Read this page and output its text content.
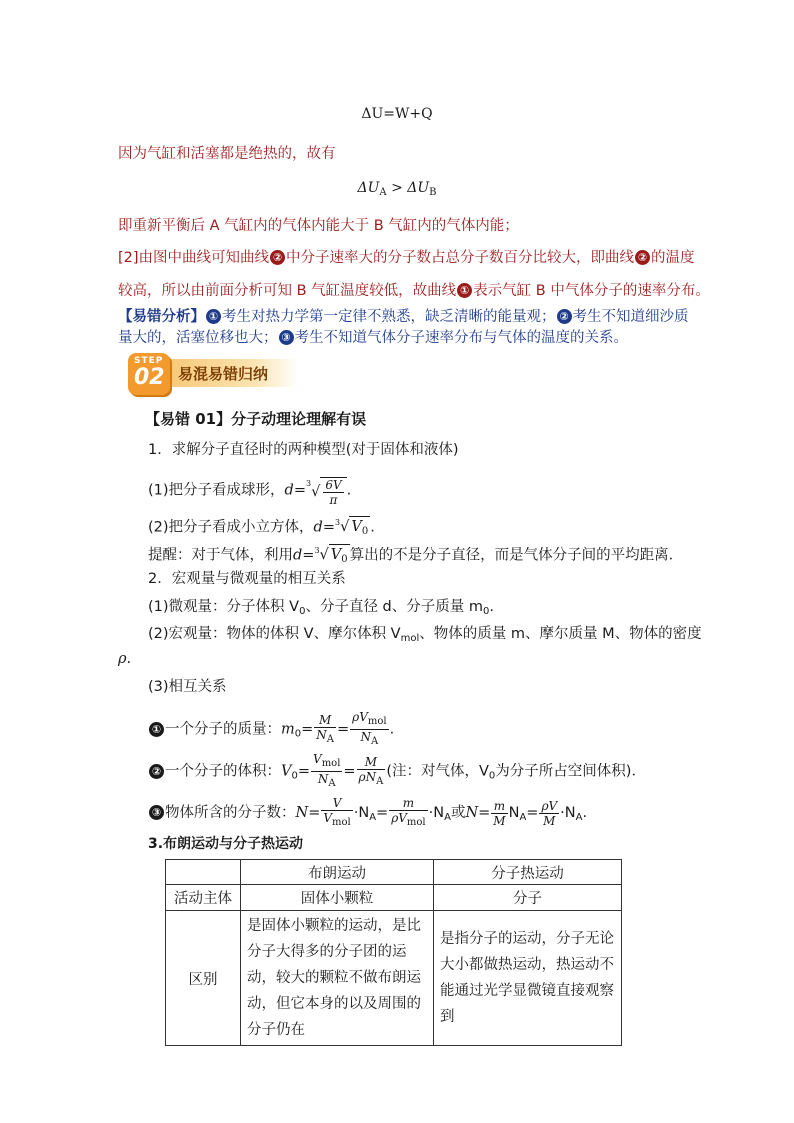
ΔU=W+Q
因为气缸和活塞都是绝热的，故有
$\Delta U_A > \Delta U_B$
即重新平衡后 A 气缸内的气体内能大于 B 气缸内的气体内能；
[2]由图中曲线可知曲线 ② 中分子速率大的分子数占总分子数百分比较大，即曲线 ② 的温度
较高，所以由前面分析可知 B 气缸温度较低，故曲线 ① 表示气缸 B 中气体分子的速率分布。
【易错分析】 ① 考生对热力学第一定律不熟悉，缺乏清晰的能量观； ② 考生不知道细沙质
量大的，活塞位移也大； ③ 考生不知道气体分子速率分布与气体的温度的关系。
STEP
02 易混易错归纳
【易错 01】分子动理论理解有误
1．求解分子直径时的两种模型(对于固体和液体)
(1)把分子看成球形，$d=^3√ \frac{6V}{\pi}$ .
(2)把分子看成小立方体，d=$^3$√ $V_0$ .
提醒：对于气体，利用d=$^3$√ $V_0$ 算出的不是分子直径，而是气体分子间的平均距离．
2．宏观量与微观量的相互关系
(1)微观量：分子体积 $V_0$、分子直径 d、分子质量 $m_0$.
(2)宏观量：物体的体积 V、摩尔体积 $V_{mol}$、物体的质量 m、摩尔质量 M、物体的密度
ρ.
(3)相互关系
① 一个分子的质量：$m_0= \frac{M}{N_A} = \frac{\rho V_{mol}}{N_A}$ .
② 一个分子的体积：$V_0= \frac{V_{mol}}{N_A} = \frac{M}{\rho N_A}$ (注：对气体，$V_0$为分子所占空间体积)．
③ 物体所含的分子数：$N= \frac{V}{V_{mol}} \cdot N_A= \frac{m}{\rho V_{mol}} \cdot N_A$或$N= \frac{m}{M} N_A= \frac{\rho V}{M} \cdot N_A$.
3.布朗运动与分子热运动
	布朗运动	分子热运动
活动主体	固体小颗粒	分子
区别	是固体小颗粒的运动，是比分子大得多的分子团的运动，较大的颗粒不做布朗运动，但它本身的以及周围的分子仍在	是指分子的运动，分子无论大小都做热运动，热运动不能通过光学显微镜直接观察到
